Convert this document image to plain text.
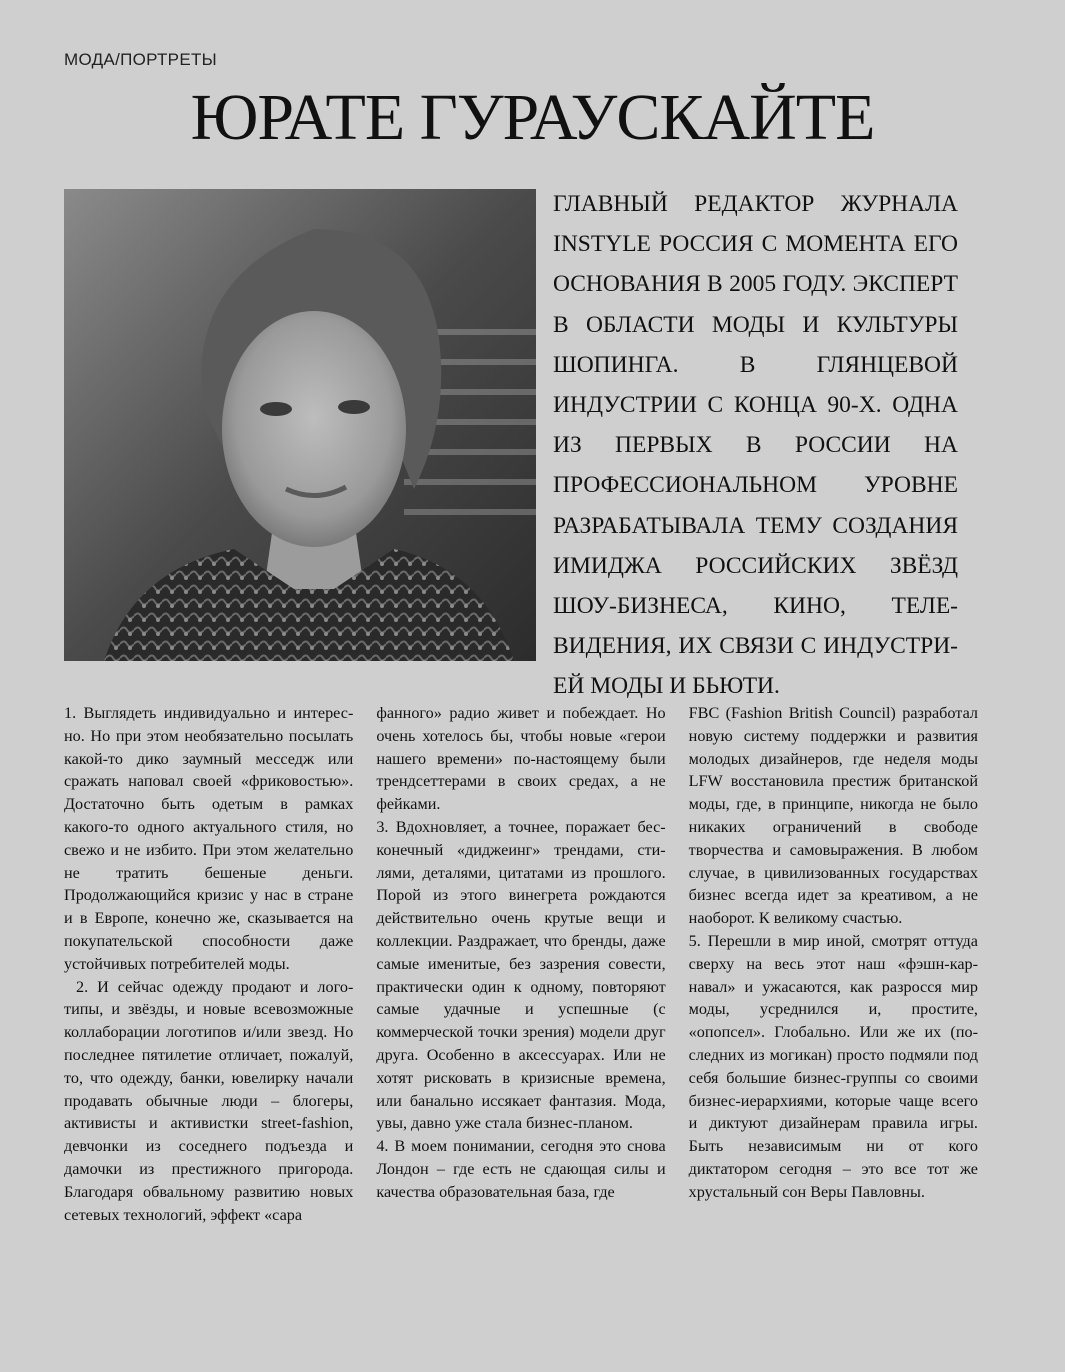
МОДА/ПОРТРЕТЫ
ЮРАТЕ ГУРАУСКАЙТЕ
ГЛАВНЫЙ РЕДАКТОР ЖУРНАЛА INSTYLE РОССИЯ С МОМЕНТА ЕГО ОСНОВАНИЯ В 2005 ГОДУ. ЭКСПЕРТ В ОБЛАСТИ МОДЫ И КУЛЬТУРЫ ШОПИНГА. В ГЛЯНЦЕВОЙ ИНДУСТРИИ С КОНЦА 90-Х. ОДНА ИЗ ПЕРВЫХ В РОССИИ НА ПРОФЕССИОНАЛЬНОМ УРОВНЕ РАЗРАБАТЫВАЛА ТЕМУ СОЗДАНИЯ ИМИДЖА РОССИЙСКИХ ЗВЁЗД ШОУ-БИЗНЕСА, КИНО, ТЕЛЕВИДЕНИЯ, ИХ СВЯЗИ С ИНДУСТРИЕЙ МОДЫ И БЬЮТИ.

1. Выглядеть индивидуально и интересно. Но при этом необязательно посылать какой-то дико заумный месседж или сражать наповал своей «фриковостью». Достаточно быть одетым в рамках какого-то одного актуального стиля, но свежо и не избито. При этом желательно не тратить бешеные деньги. Продолжающийся кризис у нас в стране и в Европе, конечно же, сказывается на покупательской способности даже устойчивых потребителей моды.

2. И сейчас одежду продают и логотипы, и звёзды, и новые всевозможные коллаборации логотипов и/или звезд. Но последнее пятилетие отличает, пожалуй, то, что одежду, банки, ювелирку начали продавать обычные люди – блогеры, активисты и активистки street-fashion, девчонки из соседнего подъезда и дамочки из престижного пригорода. Благодаря обвальному развитию новых сетевых технологий, эффект «сара

фанного» радио живет и побеждает. Но очень хотелось бы, чтобы новые «герои нашего времени» по-настоящему были трендсеттерами в своих средах, а не фейками.

3. Вдохновляет, а точнее, поражает бесконечный «диджеинг» трендами, стилями, деталями, цитатами из прошлого. Порой из этого винегрета рождаются действительно очень крутые вещи и коллекции. Раздражает, что бренды, даже самые именитые, без зазрения совести, практически один к одному, повторяют самые удачные и успешные (с коммерческой точки зрения) модели друг друга. Особенно в аксессуарах. Или не хотят рисковать в кризисные времена, или банально иссякает фантазия. Мода, увы, давно уже стала бизнес-планом.

4. В моем понимании, сегодня это снова Лондон – где есть не сдающая силы и качества образовательная база, где

FBC (Fashion British Council) разработал новую систему поддержки и развития молодых дизайнеров, где неделя моды LFW восстановила престиж британской моды, где, в принципе, никогда не было никаких ограничений в свободе творчества и самовыражения. В любом случае, в цивилизованных государствах бизнес всегда идет за креативом, а не наоборот. К великому счастью.

5. Перешли в мир иной, смотрят оттуда сверху на весь этот наш «фэшн-карнавал» и ужасаются, как разросся мир моды, усреднился и, простите, «опопсел». Глобально. Или же их (последних из могикан) просто подмяли под себя большие бизнес-группы со своими бизнес-иерархиями, которые чаще всего и диктуют дизайнерам правила игры. Быть независимым ни от кого диктатором сегодня – это все тот же хрустальный сон Веры Павловны.
